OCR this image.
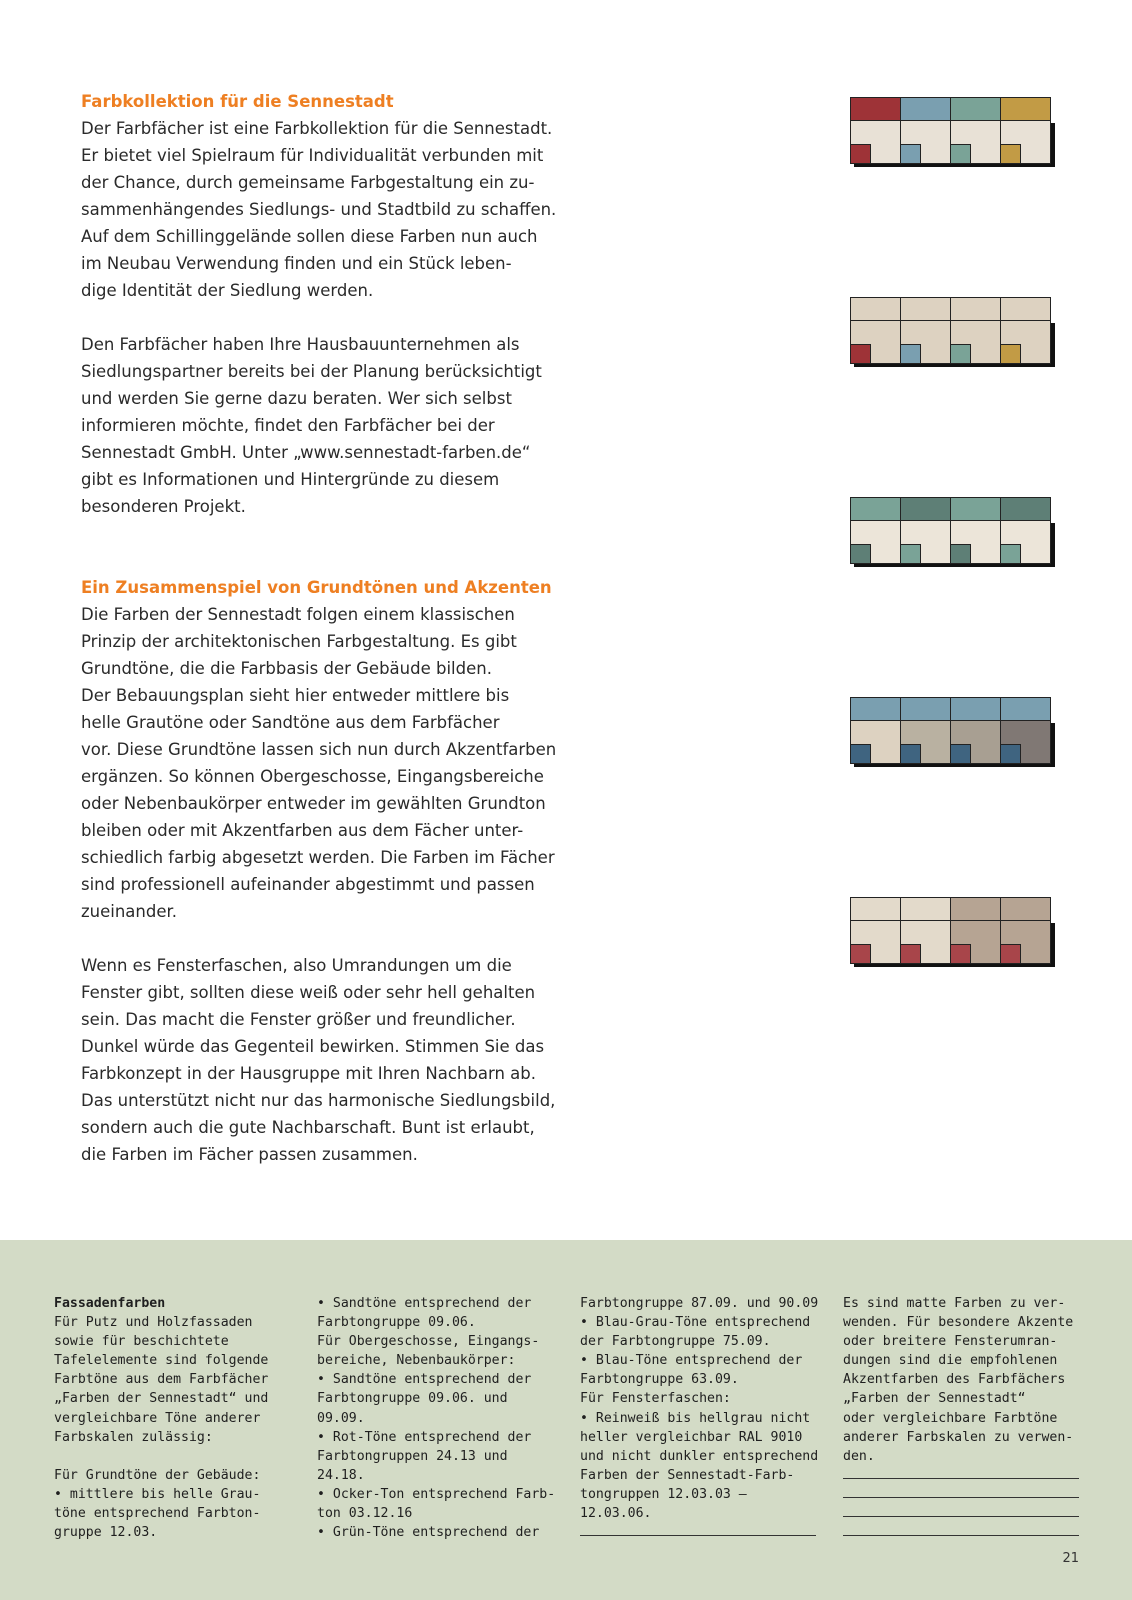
Farbkollektion für die Sennestadt

Der Farbfächer ist eine Farbkollektion für die Sennestadt.
Er bietet viel Spielraum für Individualität verbunden mit
der Chance, durch gemeinsame Farbgestaltung ein zu-
sammenhängendes Siedlungs- und Stadtbild zu schaffen.
Auf dem Schillinggelände sollen diese Farben nun auch
im Neubau Verwendung finden und ein Stück leben-
dige Identität der Siedlung werden.

Den Farbfächer haben Ihre Hausbauunternehmen als
Siedlungspartner bereits bei der Planung berücksichtigt
und werden Sie gerne dazu beraten. Wer sich selbst
informieren möchte, findet den Farbfächer bei der
Sennestadt GmbH. Unter „www.sennestadt-farben.de“
gibt es Informationen und Hintergründe zu diesem
besonderen Projekt.

Ein Zusammenspiel von Grundtönen und Akzenten

Die Farben der Sennestadt folgen einem klassischen
Prinzip der architektonischen Farbgestaltung. Es gibt
Grundtöne, die die Farbbasis der Gebäude bilden.
Der Bebauungsplan sieht hier entweder mittlere bis
helle Grautöne oder Sandtöne aus dem Farbfächer
vor. Diese Grundtöne lassen sich nun durch Akzentfarben
ergänzen. So können Obergeschosse, Eingangsbereiche
oder Nebenbaukörper entweder im gewählten Grundton
bleiben oder mit Akzentfarben aus dem Fächer unter-
schiedlich farbig abgesetzt werden. Die Farben im Fächer
sind professionell aufeinander abgestimmt und passen
zueinander.

Wenn es Fensterfaschen, also Umrandungen um die
Fenster gibt, sollten diese weiß oder sehr hell gehalten
sein. Das macht die Fenster größer und freundlicher.
Dunkel würde das Gegenteil bewirken. Stimmen Sie das
Farbkonzept in der Hausgruppe mit Ihren Nachbarn ab.
Das unterstützt nicht nur das harmonische Siedlungsbild,
sondern auch die gute Nachbarschaft. Bunt ist erlaubt,
die Farben im Fächer passen zusammen.

Fassadenfarben
Für Putz und Holzfassaden
sowie für beschichtete
Tafelelemente sind folgende
Farbtöne aus dem Farbfächer
„Farben der Sennestadt“ und
vergleichbare Töne anderer
Farbskalen zulässig:

Für Grundtöne der Gebäude:
• mittlere bis helle Grau-
töne entsprechend Farbton-
gruppe 12.03.
• Sandtöne entsprechend der
Farbtongruppe 09.06.
Für Obergeschosse, Eingangs-
bereiche, Nebenbaukörper:
• Sandtöne entsprechend der
Farbtongruppe 09.06. und
09.09.
• Rot-Töne entsprechend der
Farbtongruppen 24.13 und
24.18.
• Ocker-Ton entsprechend Farb-
ton 03.12.16
• Grün-Töne entsprechend der
Farbtongruppe 87.09. und 90.09
• Blau-Grau-Töne entsprechend
der Farbtongruppe 75.09.
• Blau-Töne entsprechend der
Farbtongruppe 63.09.
Für Fensterfaschen:
• Reinweiß bis hellgrau nicht
heller vergleichbar RAL 9010
und nicht dunkler entsprechend
Farben der Sennestadt-Farb-
tongruppen 12.03.03 –
12.03.06.
Es sind matte Farben zu ver-
wenden. Für besondere Akzente
oder breitere Fensterumran-
dungen sind die empfohlenen
Akzentfarben des Farbfächers
„Farben der Sennestadt“
oder vergleichbare Farbtöne
anderer Farbskalen zu verwen-
den.
21
